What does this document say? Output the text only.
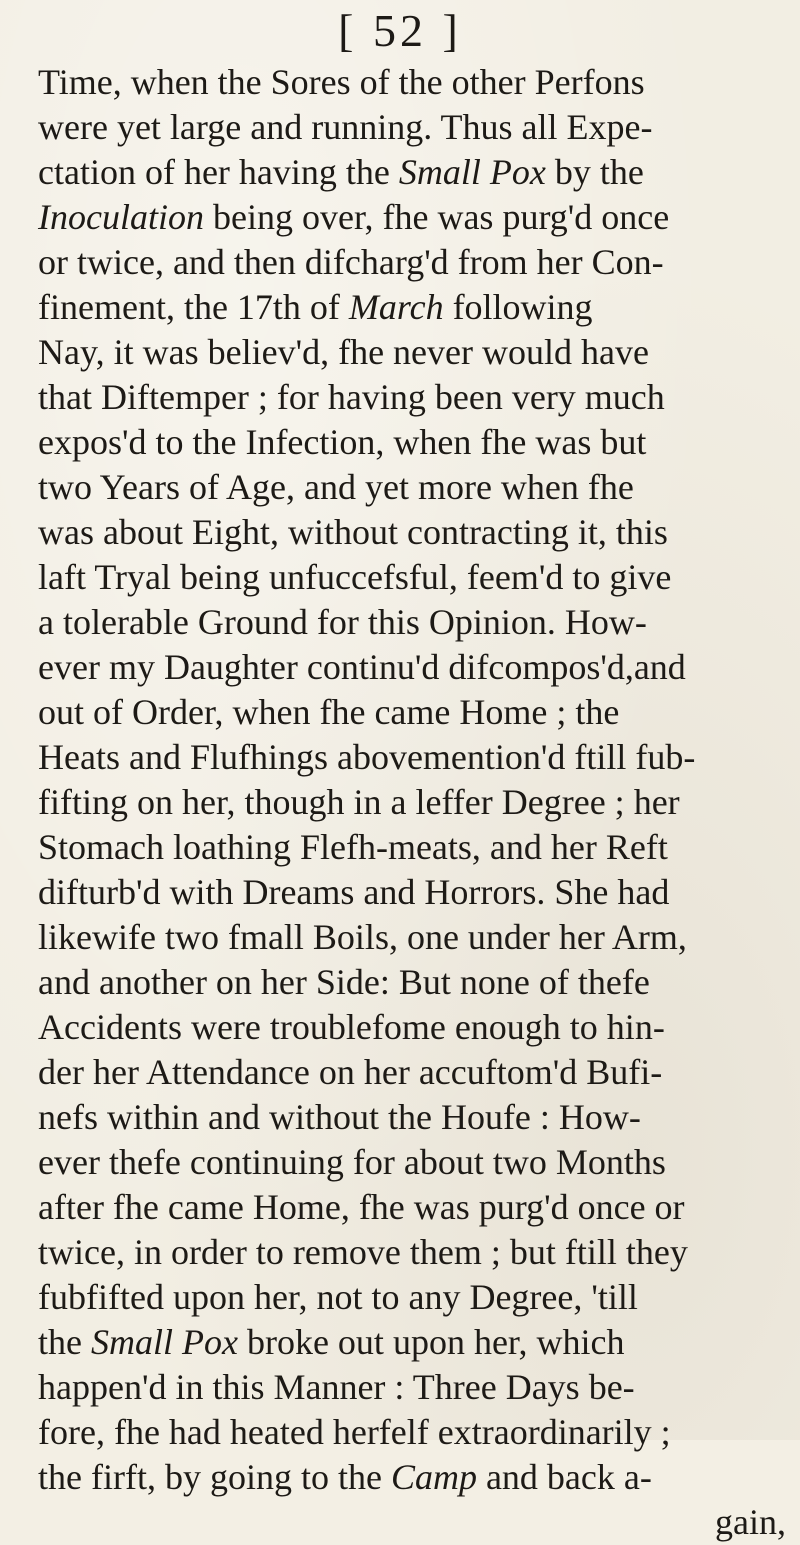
[ 52 ]
Time, when the Sores of the other Perfons
were yet large and running. Thus all Expe-
ctation of her having the Small Pox by the
Inoculation being over, fhe was purg'd once
or twice, and then difcharg'd from her Con-
finement, the 17th of March following
Nay, it was believ'd, fhe never would have
that Diftemper ; for having been very much
expos'd to the Infection, when fhe was but
two Years of Age, and yet more when fhe
was about Eight, without contracting it, this
laft Tryal being unfuccefsful, feem'd to give
a tolerable Ground for this Opinion. How-
ever my Daughter continu'd difcompos'd,and
out of Order, when fhe came Home ; the
Heats and Flufhings abovemention'd ftill fub-
fifting on her, though in a leffer Degree ; her
Stomach loathing Flefh-meats, and her Reft
difturb'd with Dreams and Horrors. She had
likewife two fmall Boils, one under her Arm,
and another on her Side: But none of thefe
Accidents were troublefome enough to hin-
der her Attendance on her accuftom'd Bufi-
nefs within and without the Houfe : How-
ever thefe continuing for about two Months
after fhe came Home, fhe was purg'd once or
twice, in order to remove them ; but ftill they
fubfifted upon her, not to any Degree, 'till
the Small Pox broke out upon her, which
happen'd in this Manner : Three Days be-
fore, fhe had heated herfelf extraordinarily ;
the firft, by going to the Camp and back a-
gain,
